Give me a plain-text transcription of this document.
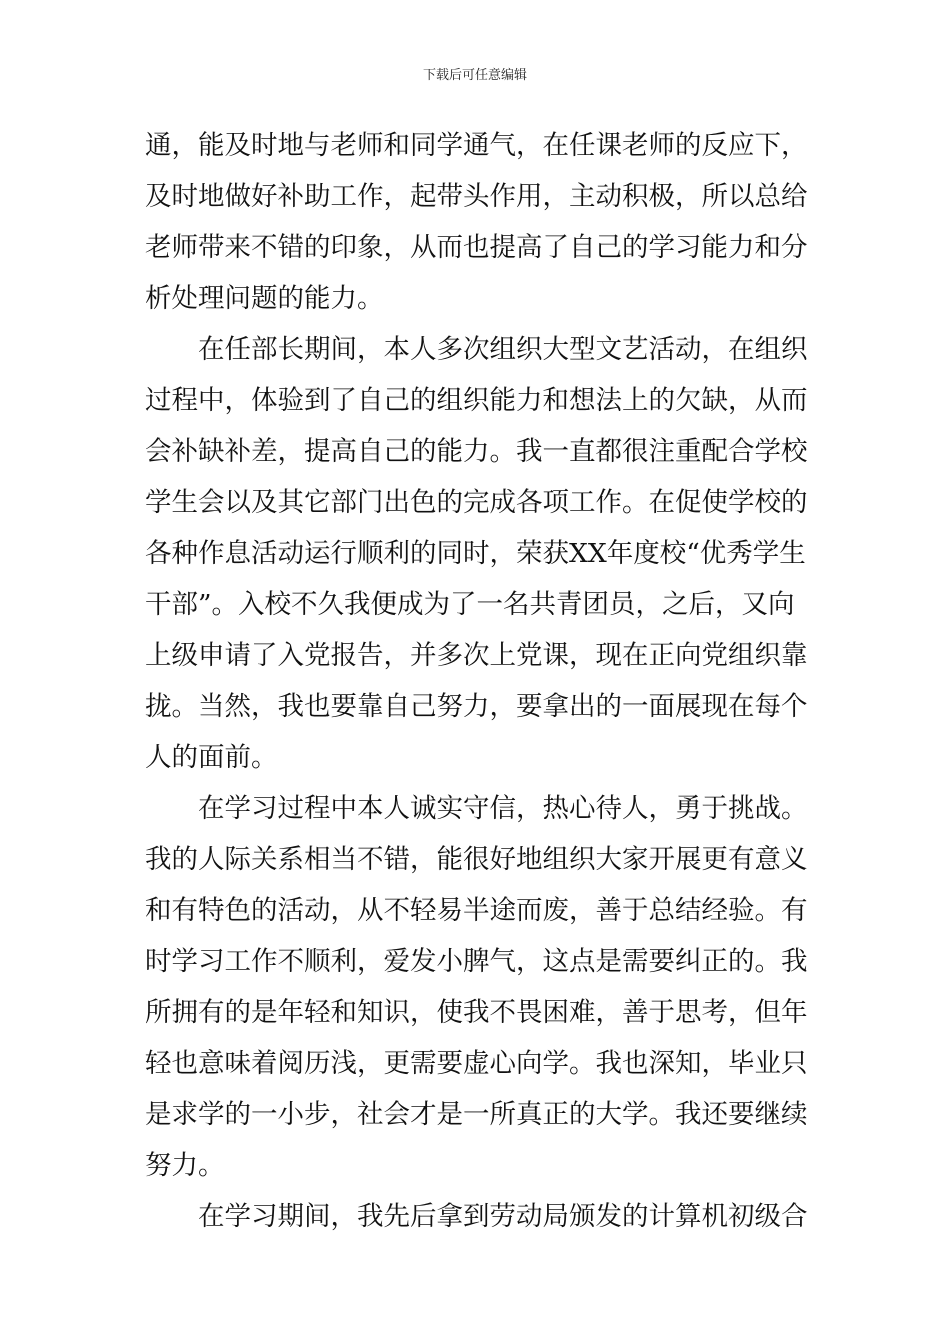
下载后可任意编辑
通，能及时地与老师和同学通气，在任课老师的反应下，
及时地做好补助工作，起带头作用，主动积极，所以总给
老师带来不错的印象，从而也提高了自己的学习能力和分
析处理问题的能力。
在任部长期间，本人多次组织大型文艺活动，在组织
过程中，体验到了自己的组织能力和想法上的欠缺，从而
会补缺补差，提高自己的能力。我一直都很注重配合学校
学生会以及其它部门出色的完成各项工作。在促使学校的
各种作息活动运行顺利的同时，荣获XX年度校“优秀学生
干部”。入校不久我便成为了一名共青团员，之后，又向
上级申请了入党报告，并多次上党课，现在正向党组织靠
拢。当然，我也要靠自己努力，要拿出的一面展现在每个
人的面前。
在学习过程中本人诚实守信，热心待人，勇于挑战。
我的人际关系相当不错，能很好地组织大家开展更有意义
和有特色的活动，从不轻易半途而废，善于总结经验。有
时学习工作不顺利，爱发小脾气，这点是需要纠正的。我
所拥有的是年轻和知识，使我不畏困难，善于思考，但年
轻也意味着阅历浅，更需要虚心向学。我也深知，毕业只
是求学的一小步，社会才是一所真正的大学。我还要继续
努力。
在学习期间，我先后拿到劳动局颁发的计算机初级合
